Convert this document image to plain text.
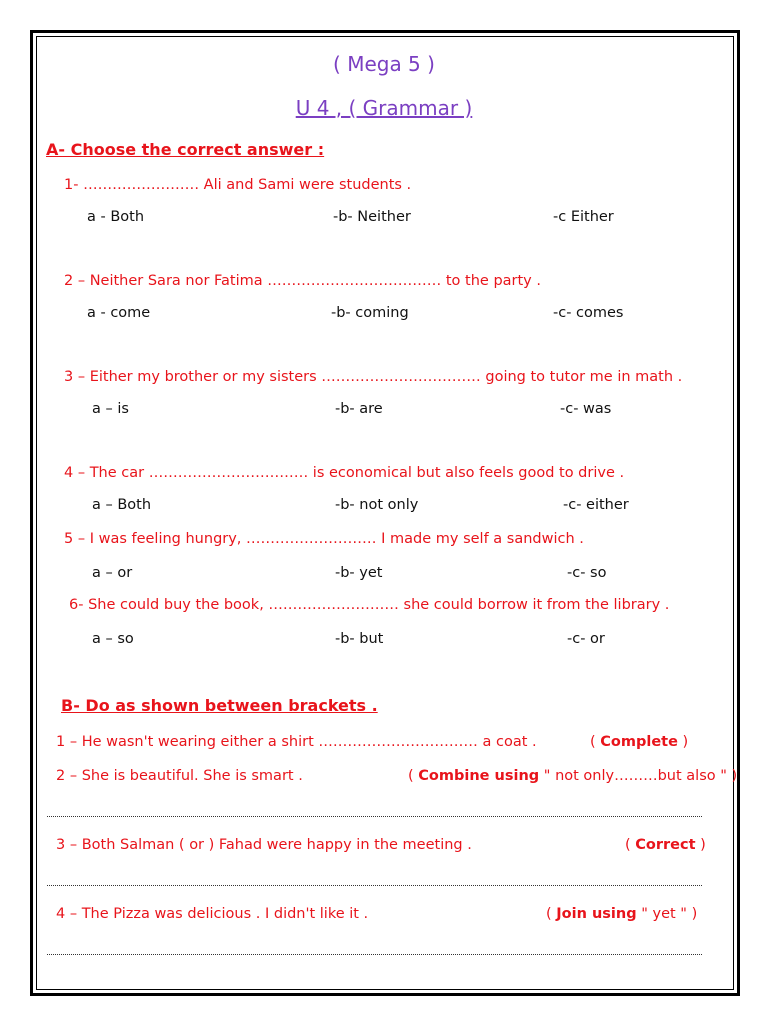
( Mega 5 )
U 4 , ( Grammar )
A- Choose the correct answer :
1- …………………… Ali and Sami were students .
a - Both	-b- Neither	-c Either
2 – Neither Sara nor Fatima ……………………………… to the party .
a - come	-b- coming	-c- comes
3 – Either my brother or my sisters …………………………… going to tutor me in math .
a – is	-b- are	-c- was
4 – The car …………………………… is economical but also feels good to drive .
a – Both	-b- not only	-c- either
5 – I was feeling hungry, ……………………… I made my self a sandwich .
a – or	-b- yet	-c- so
6- She could buy the book, ……………………… she could borrow it from the library .
a – so	-b- but	-c- or
B- Do as shown between brackets .
1 – He wasn't wearing either a shirt …………………………… a coat .	( Complete )
2 – She is beautiful. She is smart .	( Combine using " not only………but also " )
3 – Both Salman ( or ) Fahad were happy in the meeting .	( Correct )
4 – The Pizza was delicious . I didn't like it .	( Join using " yet " )
